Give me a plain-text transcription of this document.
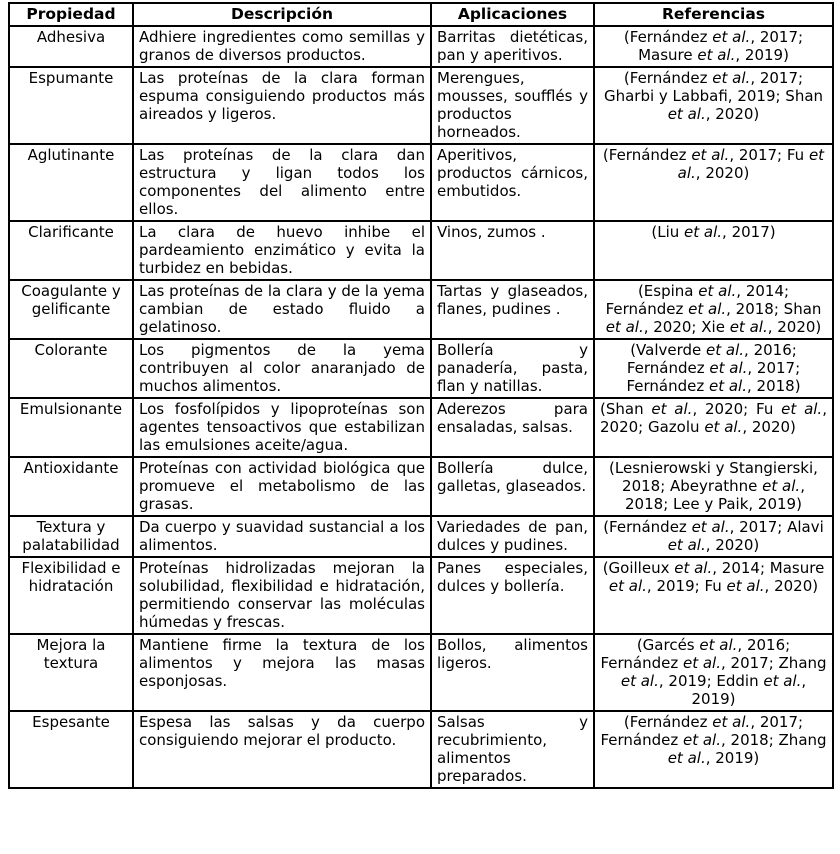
Propiedad	Descripción	Aplicaciones	Referencias
Adhesiva	Adhiere ingredientes como semillas y granos de diversos productos.	Barritas dietéticas, pan y aperitivos.	(Fernández et al., 2017; Masure et al., 2019)
Espumante	Las proteínas de la clara forman espuma consiguiendo productos más aireados y ligeros.	Merengues, mousses, soufflés y productos horneados.	(Fernández et al., 2017; Gharbi y Labbafi, 2019; Shan et al., 2020)
Aglutinante	Las proteínas de la clara dan estructura y ligan todos los componentes del alimento entre ellos.	Aperitivos, productos cárnicos, embutidos.	(Fernández et al., 2017; Fu et al., 2020)
Clarificante	La clara de huevo inhibe el pardeamiento enzimático y evita la turbidez en bebidas.	Vinos, zumos .	(Liu et al., 2017)
Coagulante y gelificante	Las proteínas de la clara y de la yema cambian de estado fluido a gelatinoso.	Tartas y glaseados, flanes, pudines .	(Espina et al., 2014; Fernández et al., 2018; Shan et al., 2020; Xie et al., 2020)
Colorante	Los pigmentos de la yema contribuyen al color anaranjado de muchos alimentos.	Bollería y panadería, pasta, flan y natillas.	(Valverde et al., 2016; Fernández et al., 2017; Fernández et al., 2018)
Emulsionante	Los fosfolípidos y lipoproteínas son agentes tensoactivos que estabilizan las emulsiones aceite/agua.	Aderezos para ensaladas, salsas.	(Shan et al., 2020; Fu et al., 2020; Gazolu et al., 2020)
Antioxidante	Proteínas con actividad biológica que promueve el metabolismo de las grasas.	Bollería dulce, galletas, glaseados.	(Lesnierowski y Stangierski, 2018; Abeyrathne et al., 2018; Lee y Paik, 2019)
Textura y palatabilidad	Da cuerpo y suavidad sustancial a los alimentos.	Variedades de pan, dulces y pudines.	(Fernández et al., 2017; Alavi et al., 2020)
Flexibilidad e hidratación	Proteínas hidrolizadas mejoran la solubilidad, flexibilidad e hidratación, permitiendo conservar las moléculas húmedas y frescas.	Panes especiales, dulces y bollería.	(Goilleux et al., 2014; Masure et al., 2019; Fu et al., 2020)
Mejora la textura	Mantiene firme la textura de los alimentos y mejora las masas esponjosas.	Bollos, alimentos ligeros.	(Garcés et al., 2016; Fernández et al., 2017; Zhang et al., 2019; Eddin et al., 2019)
Espesante	Espesa las salsas y da cuerpo consiguiendo mejorar el producto.	Salsas y recubrimiento, alimentos preparados.	(Fernández et al., 2017; Fernández et al., 2018; Zhang et al., 2019)
